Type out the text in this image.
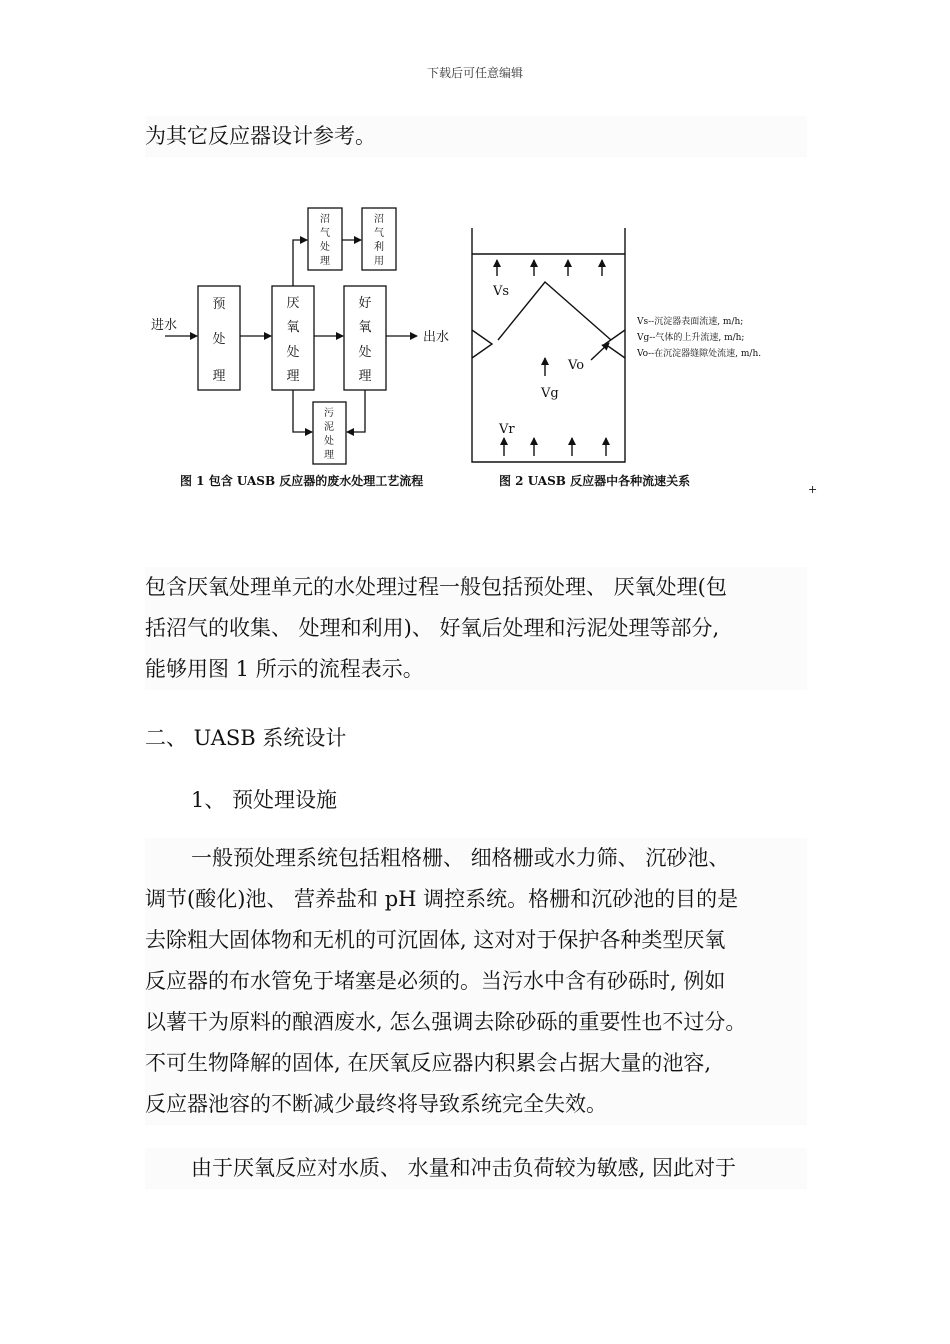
下载后可任意编辑
为其它反应器设计参考。
进水
出水
预
处
理
厌
氧
处
理
好
氧
处
理
沼
气
处
理
沼
气
利
用
污
泥
处
理
图 1 包含 UASB 反应器的废水处理工艺流程
Vs
Vo
Vg
Vr
Vs--沉淀器表面流速, m/h;
Vg--气体的上升流速, m/h;
Vo--在沉淀器缝隙处流速, m/h.
图 2 UASB 反应器中各种流速关系
+
包含厌氧处理单元的水处理过程一般包括预处理、 厌氧处理(包
括沼气的收集、 处理和利用)、 好氧后处理和污泥处理等部分,
能够用图 1 所示的流程表示。
二、 UASB 系统设计
1、 预处理设施
一般预处理系统包括粗格栅、 细格栅或水力筛、 沉砂池、
调节(酸化)池、 营养盐和 pH 调控系统。格栅和沉砂池的目的是
去除粗大固体物和无机的可沉固体, 这对对于保护各种类型厌氧
反应器的布水管免于堵塞是必须的。当污水中含有砂砾时, 例如
以薯干为原料的酿酒废水, 怎么强调去除砂砾的重要性也不过分。
不可生物降解的固体, 在厌氧反应器内积累会占据大量的池容,
反应器池容的不断减少最终将导致系统完全失效。
由于厌氧反应对水质、 水量和冲击负荷较为敏感, 因此对于
